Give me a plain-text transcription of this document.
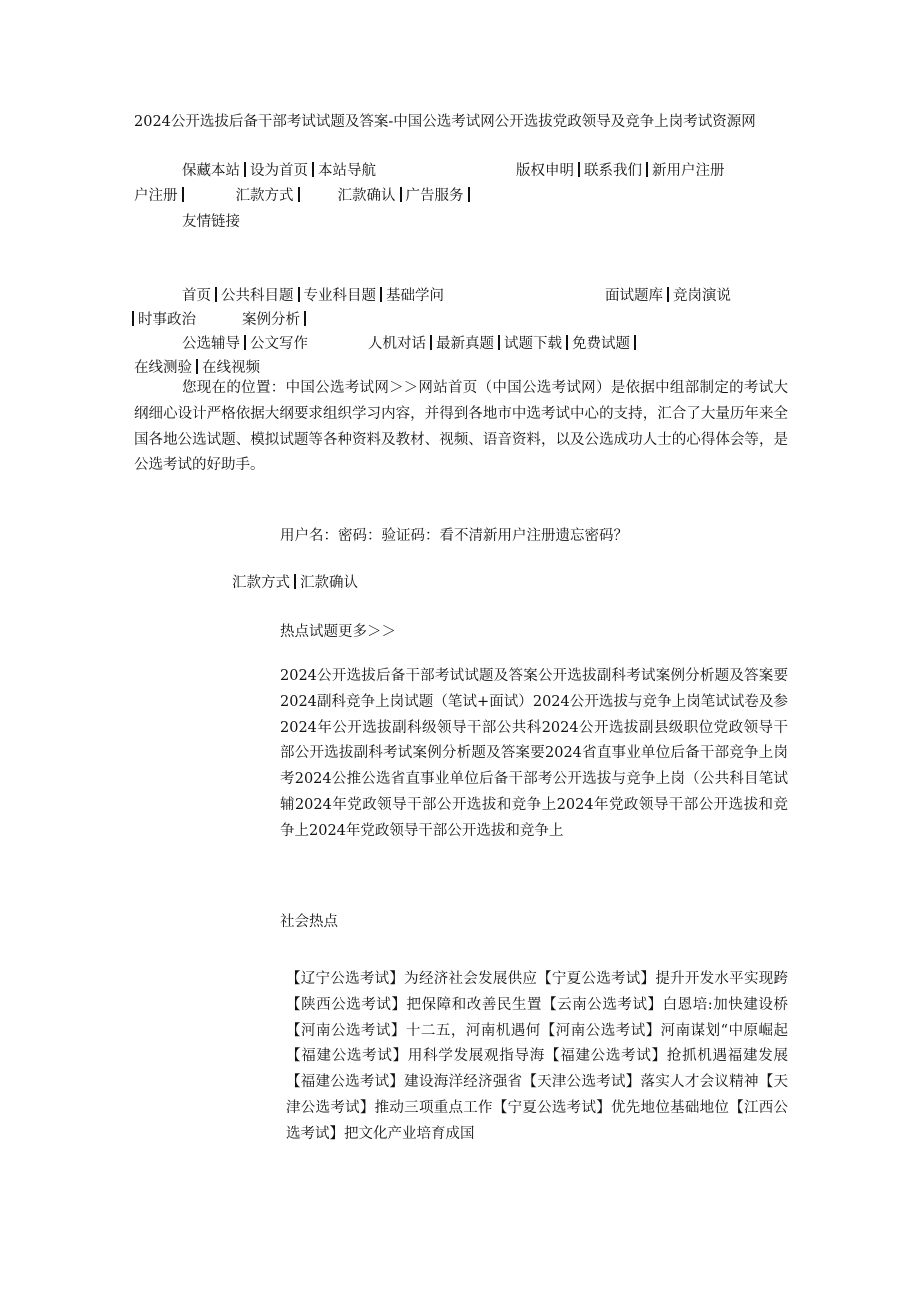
2024公开选拔后备干部考试试题及答案-中国公选考试网公开选拔党政领导及竞争上岗考试资源网
保藏本站 设为首页 本站导航	版权申明 联系我们 新用户注册
户注册	汇款方式	汇款确认 广告服务
友情链接
首页 公共科目题 专业科目题 基础学问	面试题库 竞岗演说
时事政治	案例分析
公选辅导 公文写作	人机对话 最新真题 试题下载 免费试题
在线测验 在线视频
您现在的位置：中国公选考试网＞＞网站首页（中国公选考试网）是依据中组部制定的考试大纲细心设计严格依据大纲要求组织学习内容，并得到各地市中选考试中心的支持，汇合了大量历年来全国各地公选试题、模拟试题等各种资料及教材、视频、语音资料，以及公选成功人士的心得体会等，是公选考试的好助手。
用户名：密码：验证码：看不清新用户注册遗忘密码？
汇款方式 汇款确认
热点试题更多＞＞
2024公开选拔后备干部考试试题及答案公开选拔副科考试案例分析题及答案要2024副科竞争上岗试题（笔试+面试）2024公开选拔与竞争上岗笔试试卷及参2024年公开选拔副科级领导干部公共科2024公开选拔副县级职位党政领导干部公开选拔副科考试案例分析题及答案要2024省直事业单位后备干部竞争上岗考2024公推公选省直事业单位后备干部考公开选拔与竞争上岗（公共科目笔试辅2024年党政领导干部公开选拔和竞争上2024年党政领导干部公开选拔和竞争上2024年党政领导干部公开选拔和竞争上
社会热点
【辽宁公选考试】为经济社会发展供应【宁夏公选考试】提升开发水平实现跨【陕西公选考试】把保障和改善民生置【云南公选考试】白恩培:加快建设桥【河南公选考试】十二五，河南机遇何【河南公选考试】河南谋划“中原崛起【福建公选考试】用科学发展观指导海【福建公选考试】抢抓机遇福建发展【福建公选考试】建设海洋经济强省【天津公选考试】落实人才会议精神【天津公选考试】推动三项重点工作【宁夏公选考试】优先地位基础地位【江西公选考试】把文化产业培育成国
